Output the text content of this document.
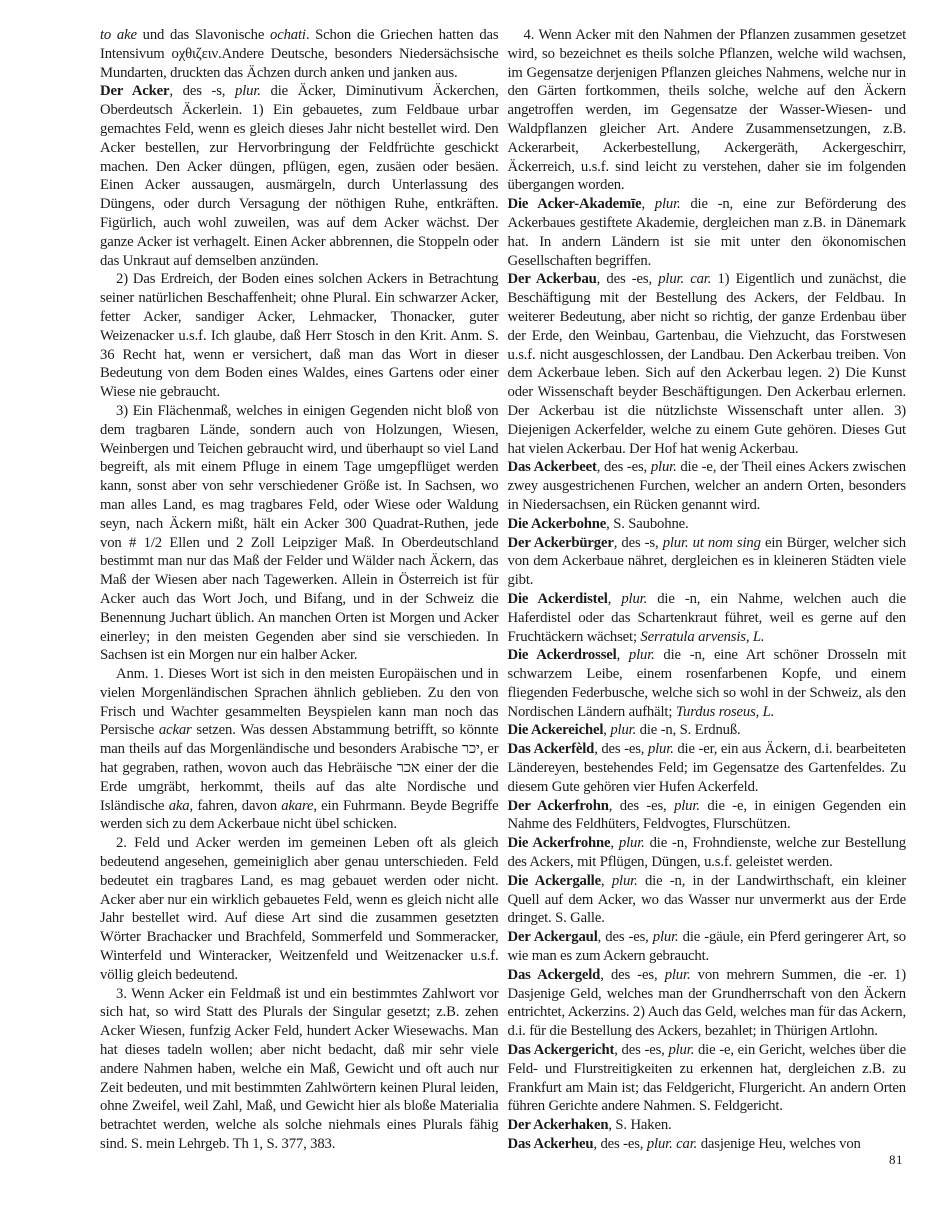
to ake und das Slavonische ochati. Schon die Griechen hatten das Intensivum οχθιζειν.Andere Deutsche, besonders Niedersächsische Mundarten, druckten das Ächzen durch anken und janken aus.

Der Acker, des -s, plur. die Äcker, Diminutivum Äckerchen, Oberdeutsch Äckerlein. 1) Ein gebauetes, zum Feldbaue urbar gemachtes Feld, wenn es gleich dieses Jahr nicht bestellet wird. Den Acker bestellen, zur Hervorbringung der Feldfrüchte geschickt machen. Den Acker düngen, pflügen, egen, zusäen oder besäen. Einen Acker aussaugen, ausmärgeln, durch Unterlassung des Düngens, oder durch Versagung der nöthigen Ruhe, entkräften. Figürlich, auch wohl zuweilen, was auf dem Acker wächst. Der ganze Acker ist verhagelt. Einen Acker abbrennen, die Stoppeln oder das Unkraut auf demselben anzünden.

2) Das Erdreich, der Boden eines solchen Ackers in Betrachtung seiner natürlichen Beschaffenheit; ohne Plural. Ein schwarzer Acker, fetter Acker, sandiger Acker, Lehmacker, Thonacker, guter Weizenacker u.s.f. Ich glaube, daß Herr Stosch in den Krit. Anm. S. 36 Recht hat, wenn er versichert, daß man das Wort in dieser Bedeutung von dem Boden eines Waldes, eines Gartens oder einer Wiese nie gebraucht.

3) Ein Flächenmaß, welches in einigen Gegenden nicht bloß von dem tragbaren Lände, sondern auch von Holzungen, Wiesen, Weinbergen und Teichen gebraucht wird, und überhaupt so viel Land begreift, als mit einem Pfluge in einem Tage umgepflüget werden kann, sonst aber von sehr verschiedener Größe ist. In Sachsen, wo man alles Land, es mag tragbares Feld, oder Wiese oder Waldung seyn, nach Äckern mißt, hält ein Acker 300 Quadrat-Ruthen, jede von # 1/2 Ellen und 2 Zoll Leipziger Maß. In Oberdeutschland bestimmt man nur das Maß der Felder und Wälder nach Äckern, das Maß der Wiesen aber nach Tagewerken. Allein in Österreich ist für Acker auch das Wort Joch, und Bifang, und in der Schweiz die Benennung Juchart üblich. An manchen Orten ist Morgen und Acker einerley; in den meisten Gegenden aber sind sie verschieden. In Sachsen ist ein Morgen nur ein halber Acker.

Anm. 1. Dieses Wort ist sich in den meisten Europäischen und in vielen Morgenländischen Sprachen ähnlich geblieben. Zu den von Frisch und Wachter gesammelten Beyspielen kann man noch das Persische ackar setzen. Was dessen Abstammung betrifft, so könnte man theils auf das Morgenländische und besonders Arabische יכר, er hat gegraben, rathen, wovon auch das Hebräische אכר einer der die Erde umgräbt, herkommt, theils auf das alte Nordische und Isländische aka, fahren, davon akare, ein Fuhrmann. Beyde Begriffe werden sich zu dem Ackerbaue nicht übel schicken.

2. Feld und Acker werden im gemeinen Leben oft als gleich bedeutend angesehen, gemeiniglich aber genau unterschieden. Feld bedeutet ein tragbares Land, es mag gebauet werden oder nicht. Acker aber nur ein wirklich gebauetes Feld, wenn es gleich nicht alle Jahr bestellet wird. Auf diese Art sind die zusammen gesetzten Wörter Brachacker und Brachfeld, Sommerfeld und Sommeracker, Winterfeld und Winteracker, Weitzenfeld und Weitzenacker u.s.f. völlig gleich bedeutend.

3. Wenn Acker ein Feldmaß ist und ein bestimmtes Zahlwort vor sich hat, so wird Statt des Plurals der Singular gesetzt; z.B. zehen Acker Wiesen, funfzig Acker Feld, hundert Acker Wiesewachs. Man hat dieses tadeln wollen; aber nicht bedacht, daß mir sehr viele andere Nahmen haben, welche ein Maß, Gewicht und oft auch nur Zeit bedeuten, und mit bestimmten Zahlwörtern keinen Plural leiden, ohne Zweifel, weil Zahl, Maß, und Gewicht hier als bloße Materialia betrachtet werden, welche als solche niehmals eines Plurals fähig sind. S. mein Lehrgeb. Th 1, S. 377, 383.

4. Wenn Acker mit den Nahmen der Pflanzen zusammen gesetzet wird, so bezeichnet es theils solche Pflanzen, welche wild wachsen, im Gegensatze derjenigen Pflanzen gleiches Nahmens, welche nur in den Gärten fortkommen, theils solche, welche auf den Äckern angetroffen werden, im Gegensatze der Wasser-Wiesen- und Waldpflanzen gleicher Art. Andere Zusammensetzungen, z.B. Ackerarbeit, Ackerbestellung, Ackergeräth, Ackergeschirr, Äckerreich, u.s.f. sind leicht zu verstehen, daher sie im folgenden übergangen worden.

Die Acker-Akademīe, plur. die -n, eine zur Beförderung des Ackerbaues gestiftete Akademie, dergleichen man z.B. in Dänemark hat. In andern Ländern ist sie mit unter den ökonomischen Gesellschaften begriffen.

Der Ackerbau, des -es, plur. car. 1) Eigentlich und zunächst, die Beschäftigung mit der Bestellung des Ackers, der Feldbau. In weiterer Bedeutung, aber nicht so richtig, der ganze Erdenbau über der Erde, den Weinbau, Gartenbau, die Viehzucht, das Forstwesen u.s.f. nicht ausgeschlossen, der Landbau. Den Ackerbau treiben. Von dem Ackerbaue leben. Sich auf den Ackerbau legen. 2) Die Kunst oder Wissenschaft beyder Beschäftigungen. Den Ackerbau erlernen. Der Ackerbau ist die nützlichste Wissenschaft unter allen. 3) Diejenigen Ackerfelder, welche zu einem Gute gehören. Dieses Gut hat vielen Ackerbau. Der Hof hat wenig Ackerbau.

Das Ackerbeet, des -es, plur. die -e, der Theil eines Ackers zwischen zwey ausgestrichenen Furchen, welcher an andern Orten, besonders in Niedersachsen, ein Rücken genannt wird.

Die Ackerbohne, S. Saubohne.

Der Ackerbürger, des -s, plur. ut nom sing ein Bürger, welcher sich von dem Ackerbaue nähret, dergleichen es in kleineren Städten viele gibt.

Die Ackerdistel, plur. die -n, ein Nahme, welchen auch die Haferdistel oder das Schartenkraut führet, weil es gerne auf den Fruchtäckern wächset; Serratula arvensis, L.

Die Ackerdrossel, plur. die -n, eine Art schöner Drosseln mit schwarzem Leibe, einem rosenfarbenen Kopfe, und einem fliegenden Federbusche, welche sich so wohl in der Schweiz, als den Nordischen Ländern aufhält; Turdus roseus, L.

Die Ackereichel, plur. die -n, S. Erdnuß.

Das Ackerfèld, des -es, plur. die -er, ein aus Äckern, d.i. bearbeiteten Ländereyen, bestehendes Feld; im Gegensatze des Gartenfeldes. Zu diesem Gute gehören vier Hufen Ackerfeld.

Der Ackerfrohn, des -es, plur. die -e, in einigen Gegenden ein Nahme des Feldhüters, Feldvogtes, Flurschützen.

Die Ackerfrohne, plur. die -n, Frohndienste, welche zur Bestellung des Ackers, mit Pflügen, Düngen, u.s.f. geleistet werden.

Die Ackergalle, plur. die -n, in der Landwirthschaft, ein kleiner Quell auf dem Acker, wo das Wasser nur unvermerkt aus der Erde dringet. S. Galle.

Der Ackergaul, des -es, plur. die -gäule, ein Pferd geringerer Art, so wie man es zum Ackern gebraucht.

Das Ackergeld, des -es, plur. von mehrern Summen, die -er. 1) Dasjenige Geld, welches man der Grundherrschaft von den Äckern entrichtet, Ackerzins. 2) Auch das Geld, welches man für das Ackern, d.i. für die Bestellung des Ackers, bezahlet; in Thürigen Artlohn.

Das Ackergericht, des -es, plur. die -e, ein Gericht, welches über die Feld- und Flurstreitigkeiten zu erkennen hat, dergleichen z.B. zu Frankfurt am Main ist; das Feldgericht, Flurgericht. An andern Orten führen Gerichte andere Nahmen. S. Feldgericht.

Der Ackerhaken, S. Haken.

Das Ackerheu, des -es, plur. car. dasjenige Heu, welches von

81
